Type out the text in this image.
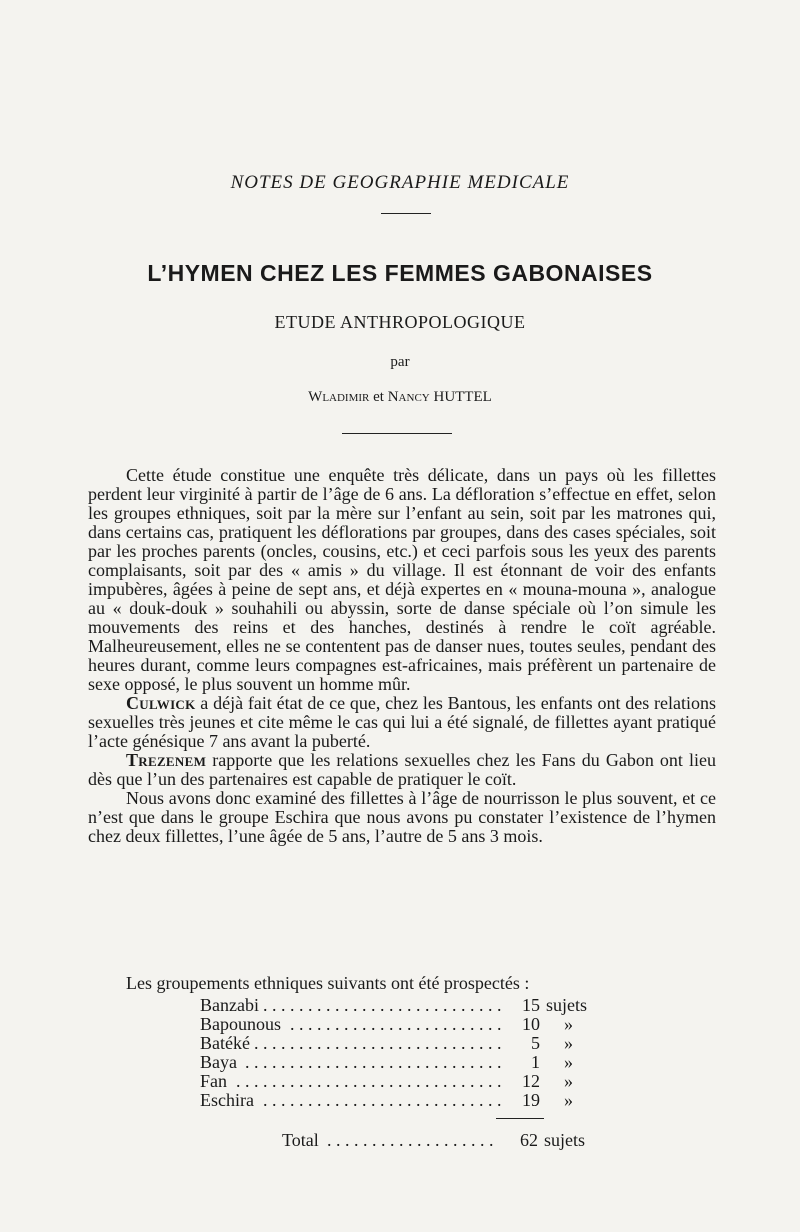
NOTES DE GEOGRAPHIE MEDICALE
L’HYMEN CHEZ LES FEMMES GABONAISES
ETUDE ANTHROPOLOGIQUE
par
Wladimir et Nancy HUTTEL

Cette étude constitue une enquête très délicate, dans un pays où les fillettes perdent leur virginité à partir de l’âge de 6 ans. La défloration s’effectue en effet, selon les groupes ethniques, soit par la mère sur l’enfant au sein, soit par les matrones qui, dans certains cas, pratiquent les déflorations par groupes, dans des cases spéciales, soit par les proches parents (oncles, cousins, etc.) et ceci parfois sous les yeux des parents complaisants, soit par des « amis » du village. Il est étonnant de voir des enfants impubères, âgées à peine de sept ans, et déjà expertes en « mouna-mouna », analogue au « douk-douk » souhahili ou abyssin, sorte de danse spéciale où l’on simule les mouvements des reins et des hanches, destinés à rendre le coït agréable. Malheureusement, elles ne se contentent pas de danser nues, toutes seules, pendant des heures durant, comme leurs compagnes est-africaines, mais préfèrent un partenaire de sexe opposé, le plus souvent un homme mûr.

Culwick a déjà fait état de ce que, chez les Bantous, les enfants ont des relations sexuelles très jeunes et cite même le cas qui lui a été signalé, de fillettes ayant pratiqué l’acte génésique 7 ans avant la puberté.

Trezenem rapporte que les relations sexuelles chez les Fans du Gabon ont lieu dès que l’un des partenaires est capable de pratiquer le coït.

Nous avons donc examiné des fillettes à l’âge de nourrisson le plus souvent, et ce n’est que dans le groupe Eschira que nous avons pu constater l’existence de l’hymen chez deux fillettes, l’une âgée de 5 ans, l’autre de 5 ans 3 mois.

Les groupements ethniques suivants ont été prospectés :
. . .
Banzabi	15 sujets
. . .
Bapounous	10 »
. . .
Batéké	5 »
. . .
Baya	1 »
. . .
Fan	12 »
. . .
Eschira	19 »
. . .
Total	62 sujets
